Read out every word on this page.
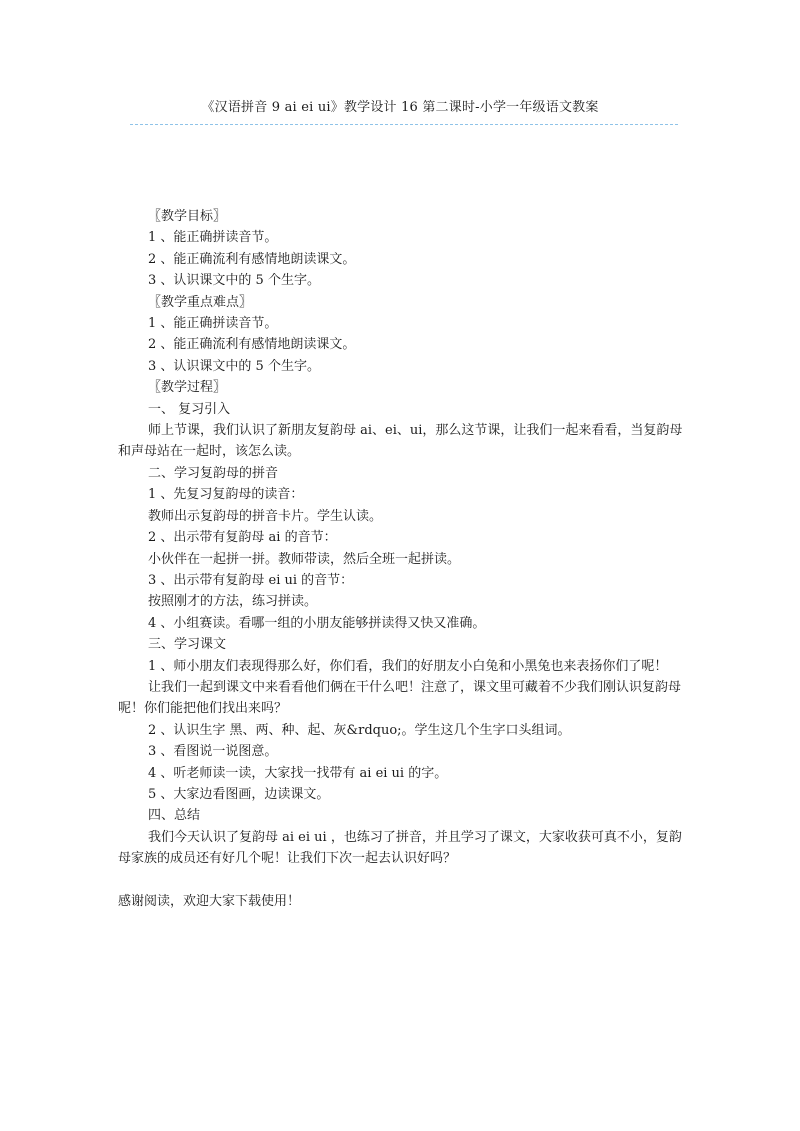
《汉语拼音 9 ai ei ui》教学设计 16 第二课时-小学一年级语文教案
〖教学目标〗
1 、能正确拼读音节。
2 、能正确流利有感情地朗读课文。
3 、认识课文中的 5 个生字。
〖教学重点难点〗
1 、能正确拼读音节。
2 、能正确流利有感情地朗读课文。
3 、认识课文中的 5 个生字。
〖教学过程〗
一、 复习引入
师上节课，我们认识了新朋友复韵母 ai、ei、ui，那么这节课，让我们一起来看看，当复韵母和声母站在一起时，该怎么读。
二、学习复韵母的拼音
1 、先复习复韵母的读音：
教师出示复韵母的拼音卡片。学生认读。
2 、出示带有复韵母 ai 的音节：
小伙伴在一起拼一拼。教师带读，然后全班一起拼读。
3 、出示带有复韵母 ei ui 的音节：
按照刚才的方法，练习拼读。
4 、小组赛读。看哪一组的小朋友能够拼读得又快又准确。
三、学习课文
1 、师小朋友们表现得那么好，你们看，我们的好朋友小白兔和小黑兔也来表扬你们了呢！
让我们一起到课文中来看看他们俩在干什么吧！注意了，课文里可藏着不少我们刚认识复韵母呢！你们能把他们找出来吗？
2 、认识生字 黑、两、种、起、灰&rdquo;。学生这几个生字口头组词。
3 、看图说一说图意。
4 、听老师读一读，大家找一找带有 ai ei ui 的字。
5 、大家边看图画，边读课文。
四、总结
我们今天认识了复韵母 ai ei ui ，也练习了拼音，并且学习了课文，大家收获可真不小，复韵母家族的成员还有好几个呢！让我们下次一起去认识好吗？
感谢阅读，欢迎大家下载使用！
